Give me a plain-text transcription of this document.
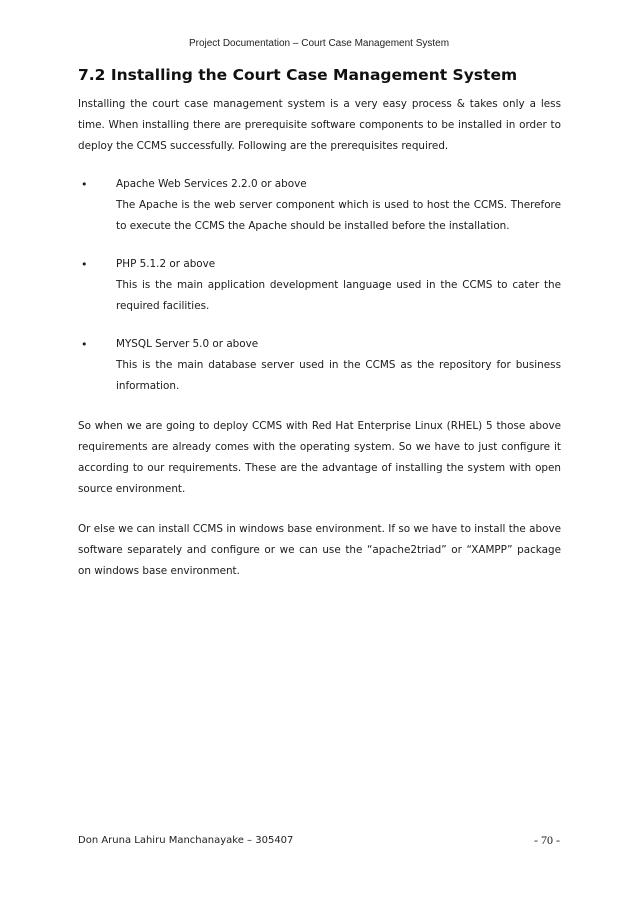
Project Documentation – Court Case Management System
7.2 Installing the Court Case Management System

Installing the court case management system is a very easy process & takes only a less time. When installing there are prerequisite software components to be installed in order to deploy the CCMS successfully. Following are the prerequisites required.

•	Apache Web Services 2.2.0 or above
The Apache is the web server component which is used to host the CCMS. Therefore to execute the CCMS the Apache should be installed before the installation.
•	PHP 5.1.2 or above
This is the main application development language used in the CCMS to cater the required facilities.
•	MYSQL Server 5.0 or above
This is the main database server used in the CCMS as the repository for business information.

So when we are going to deploy CCMS with Red Hat Enterprise Linux (RHEL) 5 those above requirements are already comes with the operating system. So we have to just configure it according to our requirements. These are the advantage of installing the system with open source environment.

Or else we can install CCMS in windows base environment. If so we have to install the above software separately and configure or we can use the “apache2triad” or “XAMPP” package on windows base environment.

Don Aruna Lahiru Manchanayake – 305407	- 70 -
